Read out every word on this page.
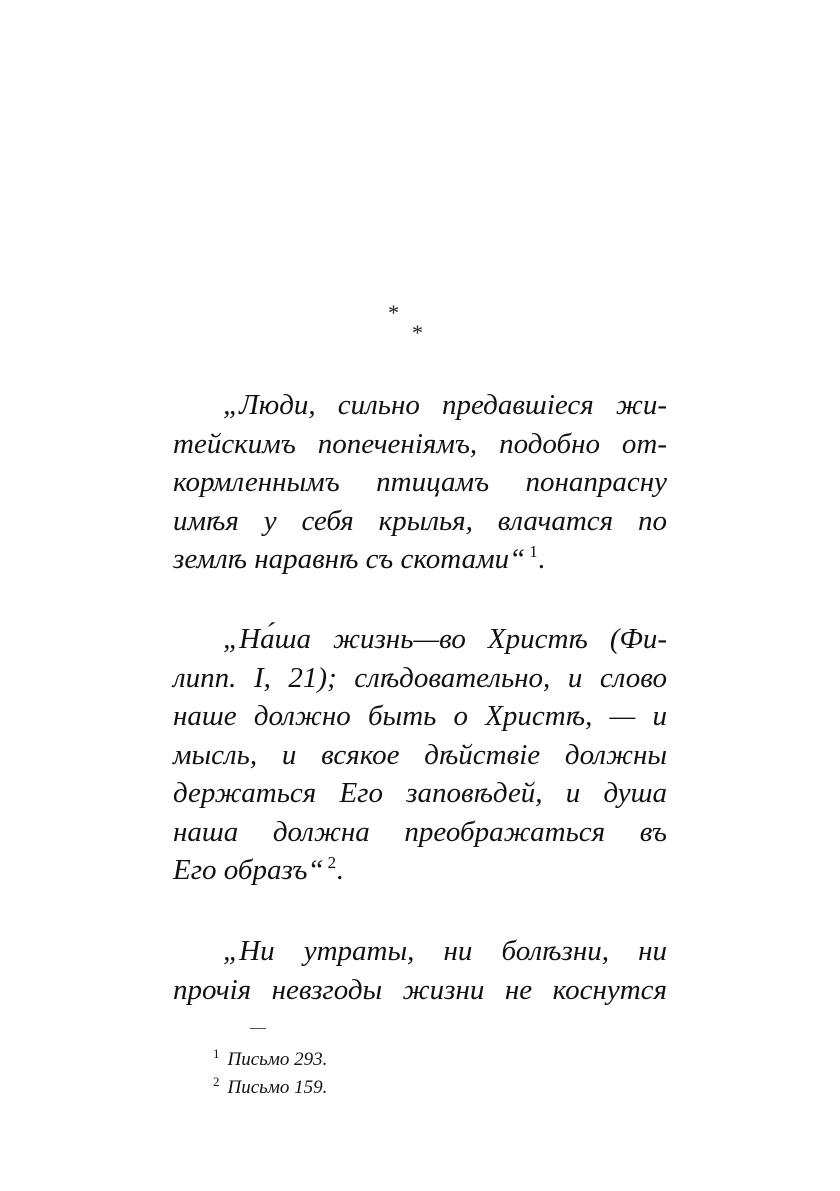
*
*
„Люди, сильно предавшіеся жи-
тейскимъ попеченіямъ, подобно от-
кормленнымъ птицамъ понапрасну
имѣя у себя крылья, влачатся по
землѣ наравнѣ съ скотами“ $^1$.
„На́ша жизнь—во Христѣ (Фи-
липп. I, 21); слѣдовательно, и слово
наше должно быть о Христѣ, — и
мысль, и всякое дѣйствіе должны
держаться Его заповѣдей, и душа
наша должна преображаться въ
Его образъ“ $^2$.
„Ни утраты, ни болѣзни, ни
прочія невзгоды жизни не коснутся
$^1$ Письмо 293.
$^2$ Письмо 159.
